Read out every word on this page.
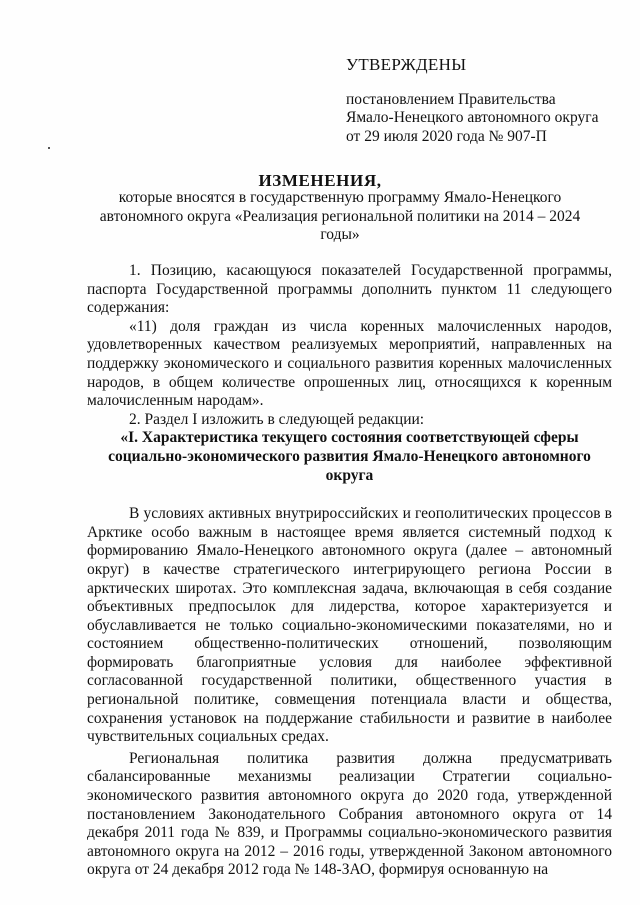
УТВЕРЖДЕНЫ
постановлением Правительства
Ямало-Ненецкого автономного округа
от 29 июля 2020 года № 907-П
ИЗМЕНЕНИЯ,
которые вносятся в государственную программу Ямало-Ненецкого автономного округа «Реализация региональной политики на 2014 – 2024 годы»

1. Позицию, касающуюся показателей Государственной программы, паспорта Государственной программы дополнить пунктом 11 следующего содержания:

«11) доля граждан из числа коренных малочисленных народов, удовлетворенных качеством реализуемых мероприятий, направленных на поддержку экономического и социального развития коренных малочисленных народов, в общем количестве опрошенных лиц, относящихся к коренным малочисленным народам».

2. Раздел I изложить в следующей редакции:

«I. Характеристика текущего состояния соответствующей сферы социально-экономического развития Ямало-Ненецкого автономного округа

В условиях активных внутрироссийских и геополитических процессов в Арктике особо важным в настоящее время является системный подход к формированию Ямало-Ненецкого автономного округа (далее – автономный округ) в качестве стратегического интегрирующего региона России в арктических широтах. Это комплексная задача, включающая в себя создание объективных предпосылок для лидерства, которое характеризуется и обуславливается не только социально-экономическими показателями, но и состоянием общественно-политических отношений, позволяющим формировать благоприятные условия для наиболее эффективной согласованной государственной политики, общественного участия в региональной политике, совмещения потенциала власти и общества, сохранения установок на поддержание стабильности и развитие в наиболее чувствительных социальных средах.

Региональная политика развития должна предусматривать сбалансированные механизмы реализации Стратегии социально-экономического развития автономного округа до 2020 года, утвержденной постановлением Законодательного Собрания автономного округа от 14 декабря 2011 года № 839, и Программы социально-экономического развития автономного округа на 2012 – 2016 годы, утвержденной Законом автономного округа от 24 декабря 2012 года № 148-ЗАО, формируя основанную на
